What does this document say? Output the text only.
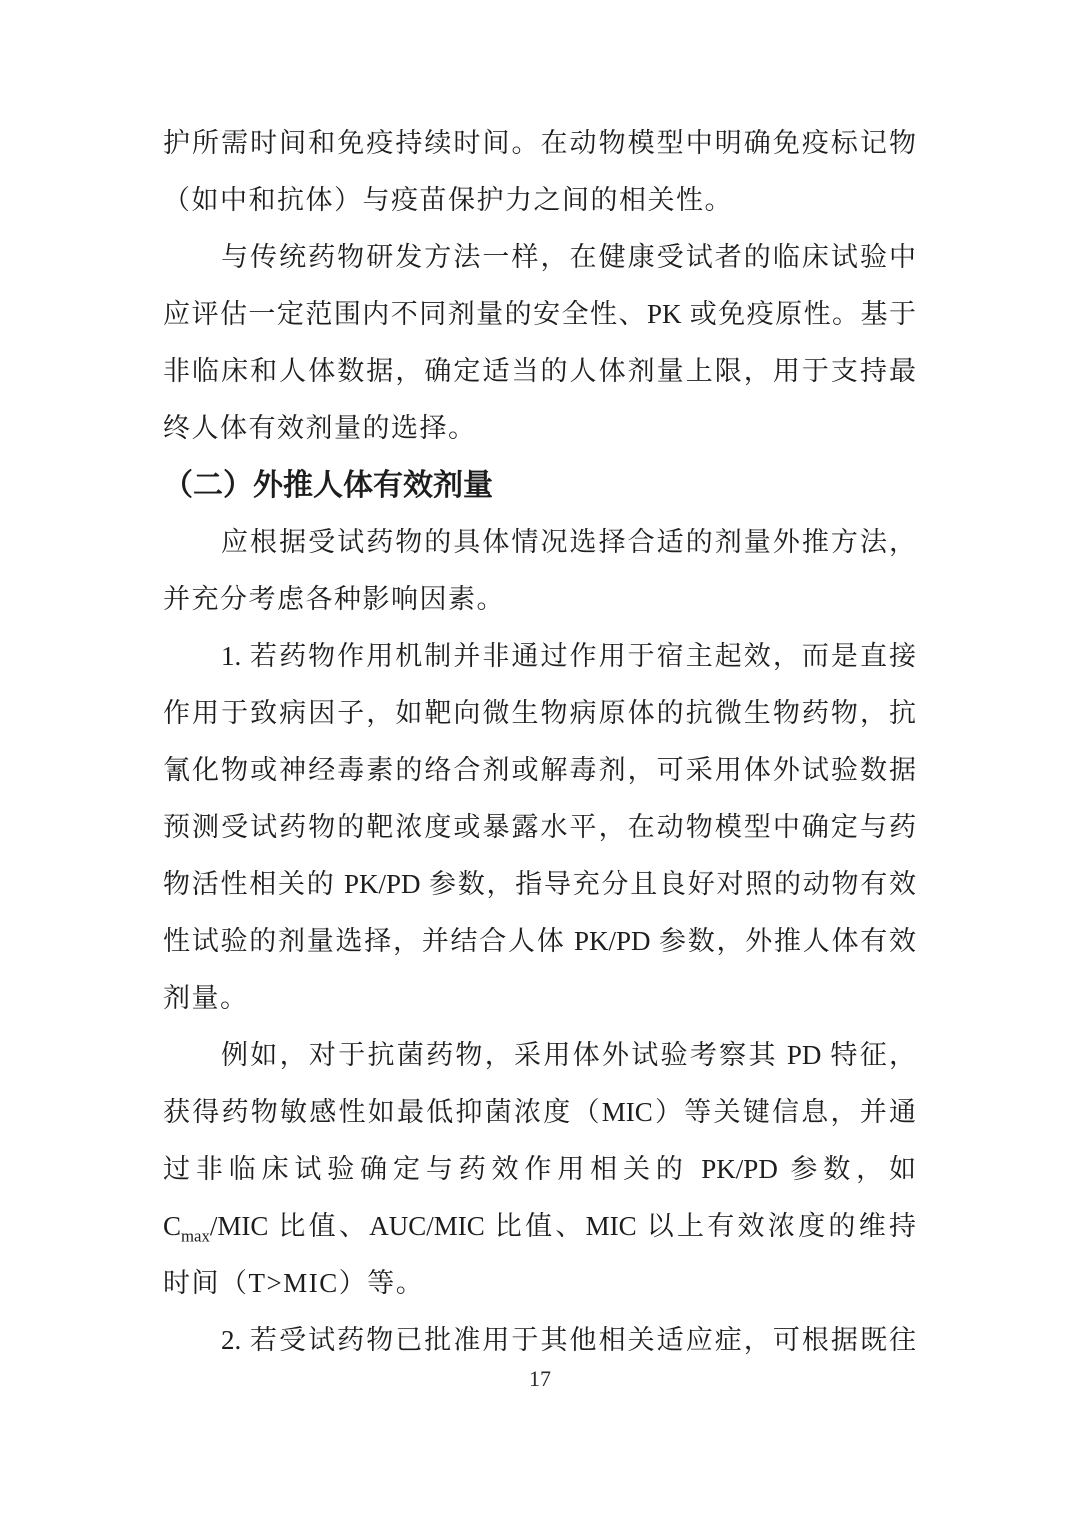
护所需时间和免疫持续时间。在动物模型中明确免疫标记物
（如中和抗体）与疫苗保护力之间的相关性。
与传统药物研发方法一样，在健康受试者的临床试验中
应评估一定范围内不同剂量的安全性、PK 或免疫原性。基于
非临床和人体数据，确定适当的人体剂量上限，用于支持最
终人体有效剂量的选择。
（二）外推人体有效剂量
应根据受试药物的具体情况选择合适的剂量外推方法，
并充分考虑各种影响因素。
1. 若药物作用机制并非通过作用于宿主起效，而是直接
作用于致病因子，如靶向微生物病原体的抗微生物药物，抗
氰化物或神经毒素的络合剂或解毒剂，可采用体外试验数据
预测受试药物的靶浓度或暴露水平，在动物模型中确定与药
物活性相关的 PK/PD 参数，指导充分且良好对照的动物有效
性试验的剂量选择，并结合人体 PK/PD 参数，外推人体有效
剂量。
例如，对于抗菌药物，采用体外试验考察其 PD 特征，
获得药物敏感性如最低抑菌浓度（MIC）等关键信息，并通
过非临床试验确定与药效作用相关的 PK/PD 参数，如
$C_{max}$/MIC 比值、AUC/MIC 比值、MIC 以上有效浓度的维持
时间（T>MIC）等。
2. 若受试药物已批准用于其他相关适应症，可根据既往
17
